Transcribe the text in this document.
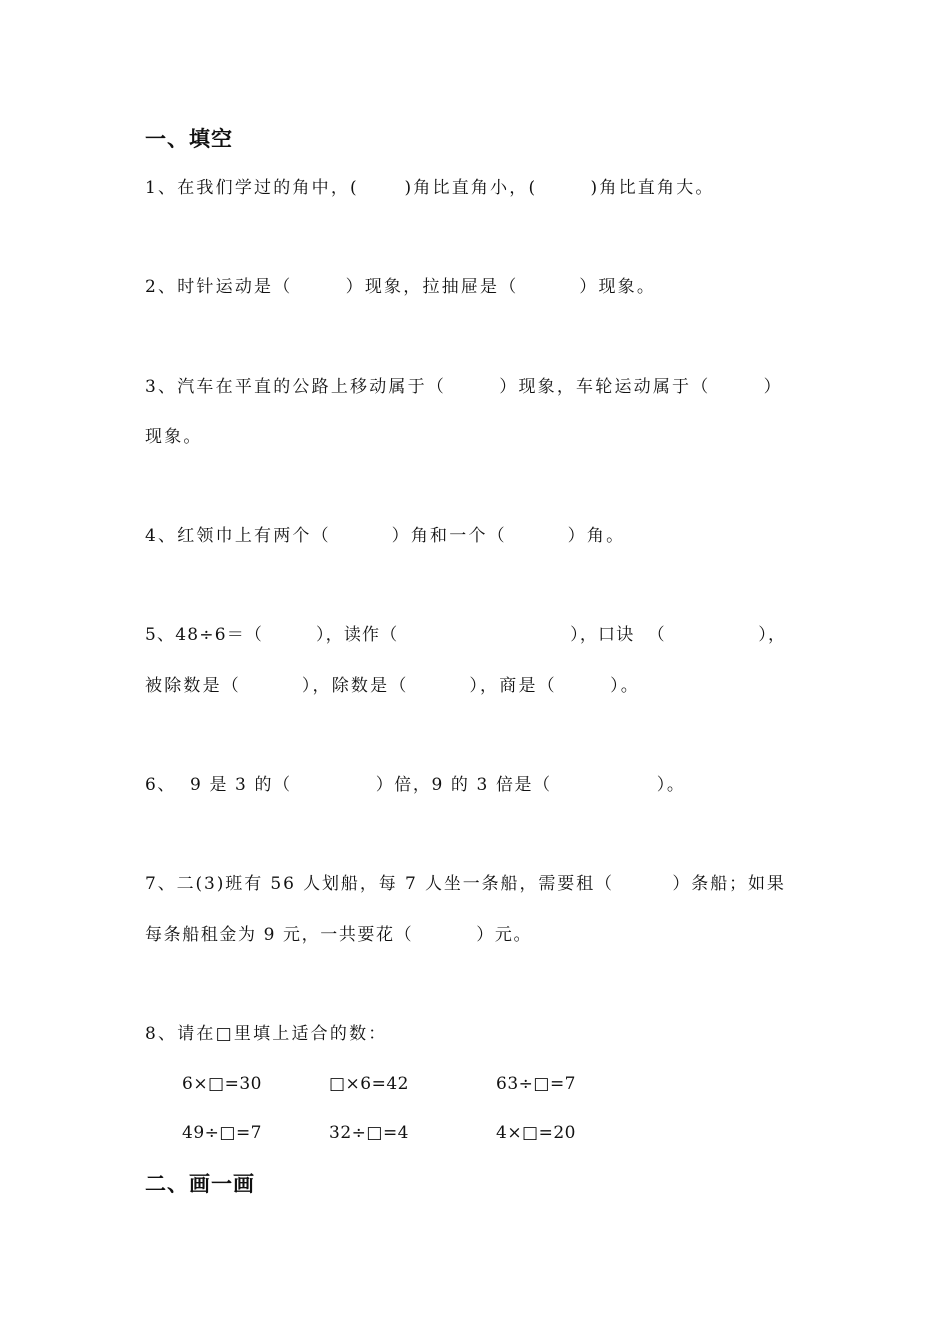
一、填空
1、在我们学过的角中，(      )角比直角小，(       )角比直角大。
2、时针运动是（       ）现象，拉抽屉是（        ）现象。
3、汽车在平直的公路上移动属于（       ）现象，车轮运动属于（       ）
现象。
4、红领巾上有两个（        ）角和一个（        ）角。
5、48÷6＝（        ），读作（                          ），口诀  （              ），
被除数是（        ），除数是（        ），商是（       ）。
6、  9 是 3 的（            ）倍，9 的 3 倍是（               ）。
7、二(3)班有 56 人划船，每 7 人坐一条船，需要租（        ）条船；如果
每条船租金为 9 元，一共要花（         ）元。
8、请在□里填上适合的数：
6×□=30	□×6=42	63÷□=7
49÷□=7	32÷□=4	4×□=20
二、画一画
